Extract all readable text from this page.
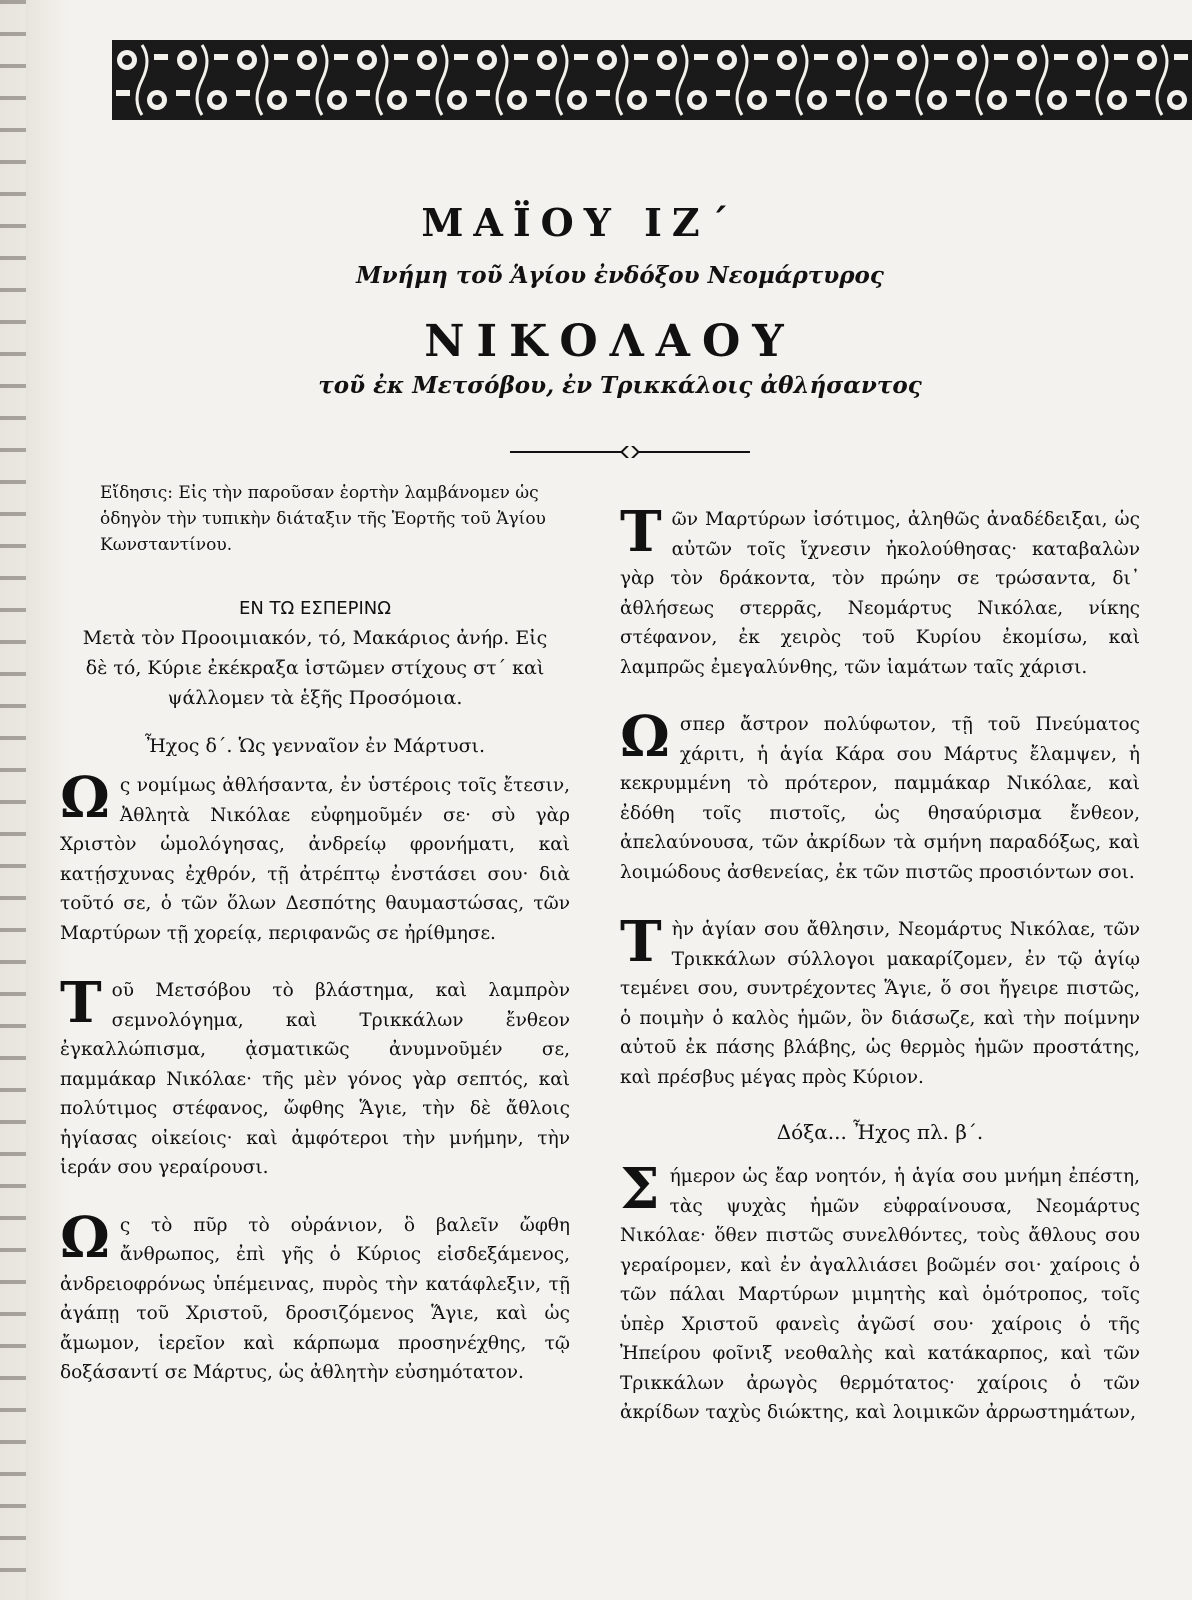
ΜΑΪΟΥ ΙΖ΄
Μνήμη τοῦ Ἁγίου ἐνδόξου Νεομάρτυρος
ΝΙΚΟΛΑΟΥ
τοῦ ἐκ Μετσόβου, ἐν Τρικκάλοις ἀθλήσαντος

Εἴδησις: Εἰς τὴν παροῦσαν ἑορτὴν λαμβάνομεν ὡς ὁδηγὸν τὴν τυπικὴν διάταξιν τῆς Ἑορτῆς τοῦ Ἁγίου Κωνσταντίνου.

ΕΝ ΤΩ ΕΣΠΕΡΙΝΩ
Μετὰ τὸν Προοιμιακόν, τό, Μακάριος ἀνήρ. Εἰς δὲ τό, Κύριε ἐκέκραξα ἱστῶμεν στίχους στ΄ καὶ ψάλλομεν τὰ ἑξῆς Προσόμοια.
Ἦχος δ΄. Ὡς γενναῖον ἐν Μάρτυσι.

Ω ς νομίμως ἀθλήσαντα, ἐν ὑστέροις τοῖς ἔτεσιν, Ἀθλητὰ Νικόλαε εὐφημοῦμέν σε· σὺ γὰρ Χριστὸν ὡμολόγησας, ἀνδρείῳ φρονήματι, καὶ κατῄσχυνας ἐχθρόν, τῇ ἀτρέπτῳ ἐνστάσει σου· διὰ τοῦτό σε, ὁ τῶν ὅλων Δεσπότης θαυμαστώσας, τῶν Μαρτύρων τῇ χορείᾳ, περιφανῶς σε ἠρίθμησε.

Τ οῦ Μετσόβου τὸ βλάστημα, καὶ λαμπρὸν σεμνολόγημα, καὶ Τρικκάλων ἔνθεον ἐγκαλλώπισμα, ᾀσματικῶς ἀνυμνοῦμέν σε, παμμάκαρ Νικόλαε· τῆς μὲν γόνος γὰρ σεπτός, καὶ πολύτιμος στέφανος, ὤφθης Ἅγιε, τὴν δὲ ἄθλοις ἡγίασας οἰκείοις· καὶ ἀμφότεροι τὴν μνήμην, τὴν ἱεράν σου γεραίρουσι.

Ω ς τὸ πῦρ τὸ οὐράνιον, ὃ βαλεῖν ὤφθη ἄνθρωπος, ἐπὶ γῆς ὁ Κύριος εἰσδεξάμενος, ἀνδρειοφρόνως ὑπέμεινας, πυρὸς τὴν κατάφλεξιν, τῇ ἀγάπῃ τοῦ Χριστοῦ, δροσιζόμενος Ἅγιε, καὶ ὡς ἄμωμον, ἱερεῖον καὶ κάρπωμα προσηνέχθης, τῷ δοξάσαντί σε Μάρτυς, ὡς ἀθλητὴν εὐσημότατον.

Τ ῶν Μαρτύρων ἰσότιμος, ἀληθῶς ἀναδέδειξαι, ὡς αὐτῶν τοῖς ἴχνεσιν ἠκολούθησας· καταβαλὼν γὰρ τὸν δράκοντα, τὸν πρώην σε τρώσαντα, δι᾽ ἀθλήσεως στερρᾶς, Νεομάρτυς Νικόλαε, νίκης στέφανον, ἐκ χειρὸς τοῦ Κυρίου ἐκομίσω, καὶ λαμπρῶς ἐμεγαλύνθης, τῶν ἰαμάτων ταῖς χάρισι.

Ω σπερ ἄστρον πολύφωτον, τῇ τοῦ Πνεύματος χάριτι, ἡ ἁγία Κάρα σου Μάρτυς ἔλαμψεν, ἡ κεκρυμμένη τὸ πρότερον, παμμάκαρ Νικόλαε, καὶ ἐδόθη τοῖς πιστοῖς, ὡς θησαύρισμα ἔνθεον, ἀπελαύνουσα, τῶν ἀκρίδων τὰ σμήνη παραδόξως, καὶ λοιμώδους ἀσθενείας, ἐκ τῶν πιστῶς προσιόντων σοι.

Τ ὴν ἁγίαν σου ἄθλησιν, Νεομάρτυς Νικόλαε, τῶν Τρικκάλων σύλλογοι μακαρίζομεν, ἐν τῷ ἁγίῳ τεμένει σου, συντρέχοντες Ἅγιε, ὅ σοι ἤγειρε πιστῶς, ὁ ποιμὴν ὁ καλὸς ἡμῶν, ὃν διάσωζε, καὶ τὴν ποίμνην αὐτοῦ ἐκ πάσης βλάβης, ὡς θερμὸς ἡμῶν προστάτης, καὶ πρέσβυς μέγας πρὸς Κύριον.

Δόξα... Ἦχος πλ. β΄.

Σ ήμερον ὡς ἔαρ νοητόν, ἡ ἁγία σου μνήμη ἐπέστη, τὰς ψυχὰς ἡμῶν εὐφραίνουσα, Νεομάρτυς Νικόλαε· ὅθεν πιστῶς συνελθόντες, τοὺς ἄθλους σου γεραίρομεν, καὶ ἐν ἀγαλλιάσει βοῶμέν σοι· χαίροις ὁ τῶν πάλαι Μαρτύρων μιμητὴς καὶ ὁμότροπος, τοῖς ὑπὲρ Χριστοῦ φανεὶς ἀγῶσί σου· χαίροις ὁ τῆς Ἠπείρου φοῖνιξ νεοθαλὴς καὶ κατάκαρπος, καὶ τῶν Τρικκάλων ἀρωγὸς θερμότατος· χαίροις ὁ τῶν ἀκρίδων ταχὺς διώκτης, καὶ λοιμικῶν ἀρρωστημάτων,
